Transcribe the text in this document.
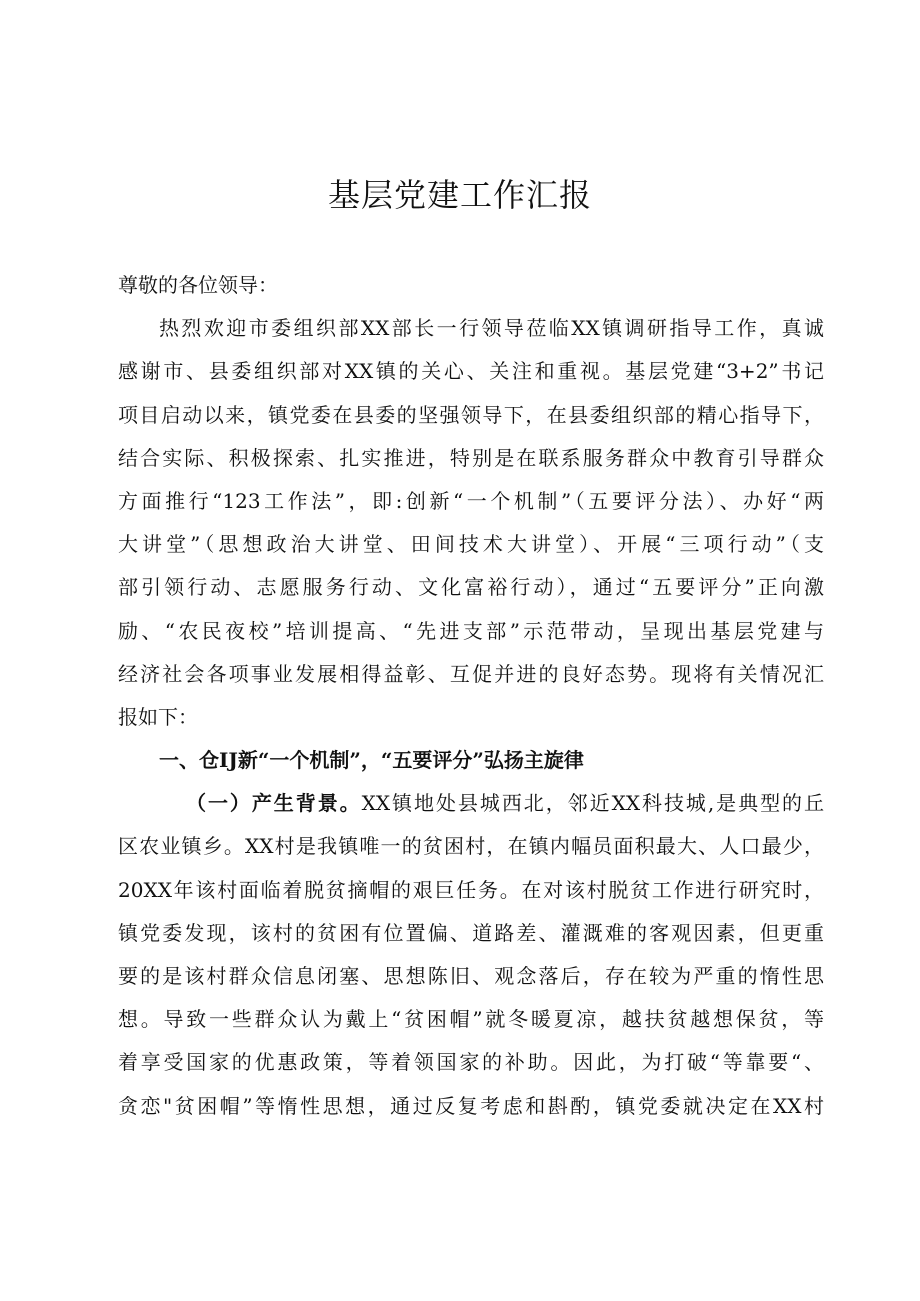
基层党建工作汇报
尊敬的各位领导：
热烈欢迎市委组织部XX部长一行领导莅临XX镇调研指导工作，真诚
感谢市、县委组织部对XX镇的关心、关注和重视。基层党建“3+2”书记
项目启动以来，镇党委在县委的坚强领导下，在县委组织部的精心指导下，
结合实际、积极探索、扎实推进，特别是在联系服务群众中教育引导群众
方面推行“123工作法”，即:创新“一个机制”（五要评分法）、办好“两
大讲堂”（思想政治大讲堂、田间技术大讲堂）、开展“三项行动”（支
部引领行动、志愿服务行动、文化富裕行动），通过“五要评分”正向激
励、“农民夜校”培训提高、“先进支部”示范带动，呈现出基层党建与
经济社会各项事业发展相得益彰、互促并进的良好态势。现将有关情况汇
报如下：
一、仓IJ新“一个机制”，“五要评分”弘扬主旋律
（一）产生背景。XX镇地处县城西北，邻近XX科技城,是典型的丘
区农业镇乡。XX村是我镇唯一的贫困村，在镇内幅员面积最大、人口最少，
20XX年该村面临着脱贫摘帽的艰巨任务。在对该村脱贫工作进行研究时，
镇党委发现，该村的贫困有位置偏、道路差、灌溉难的客观因素，但更重
要的是该村群众信息闭塞、思想陈旧、观念落后，存在较为严重的惰性思
想。导致一些群众认为戴上“贫困帽”就冬暖夏凉，越扶贫越想保贫，等
着享受国家的优惠政策，等着领国家的补助。因此，为打破“等靠要“、
贪恋"贫困帽”等惰性思想，通过反复考虑和斟酌，镇党委就决定在XX村
